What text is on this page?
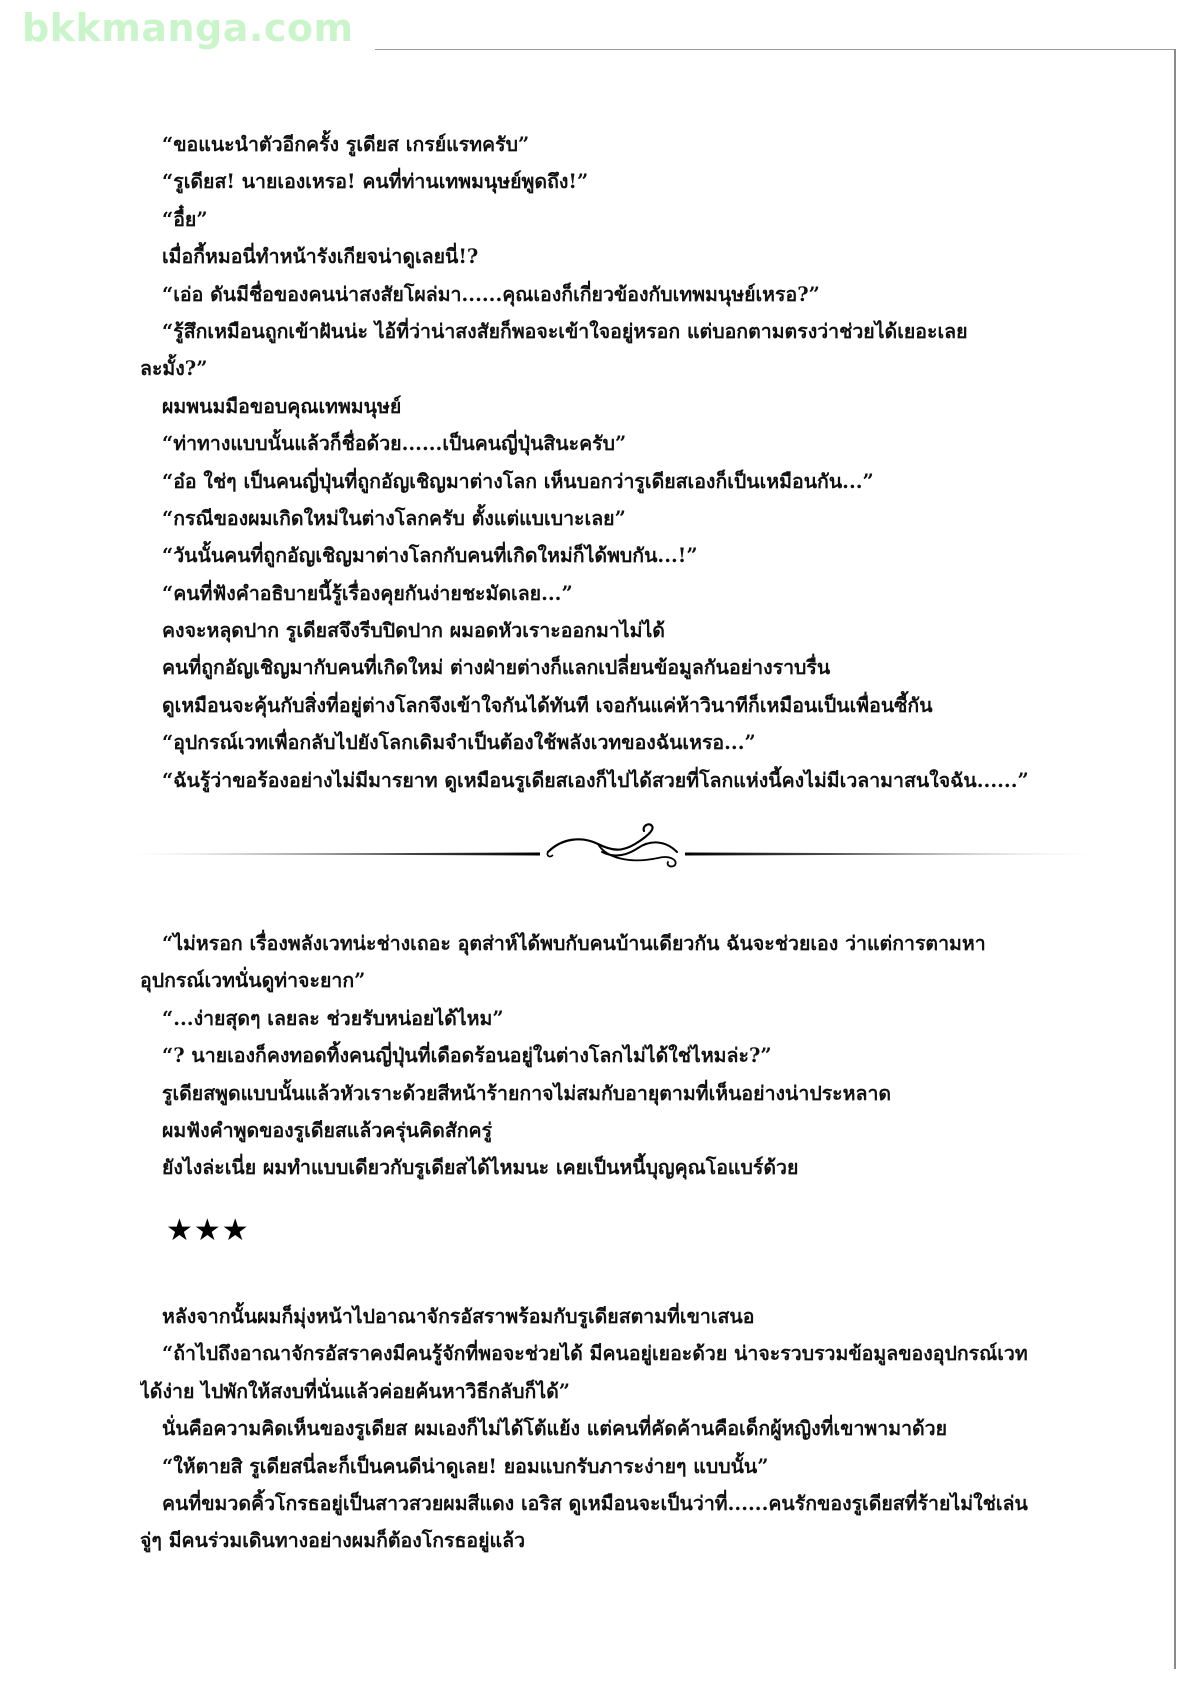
bkkmanga.com
“ขอแนะนำตัวอีกครั้ง รูเดียส เกรย์แรทครับ”
“รูเดียส! นายเองเหรอ! คนที่ท่านเทพมนุษย์พูดถึง!”
“อื๋ย”
เมื่อกี้หมอนี่ทำหน้ารังเกียจน่าดูเลยนี่!?
“เอ่อ ดันมีชื่อของคนน่าสงสัยโผล่มา......คุณเองก็เกี่ยวข้องกับเทพมนุษย์เหรอ?”
“รู้สึกเหมือนถูกเข้าฝันน่ะ ไอ้ที่ว่าน่าสงสัยก็พอจะเข้าใจอยู่หรอก แต่บอกตามตรงว่าช่วยได้เยอะเลย
ละมั้ง?”
ผมพนมมือขอบคุณเทพมนุษย์
“ท่าทางแบบนั้นแล้วก็ชื่อด้วย......เป็นคนญี่ปุ่นสินะครับ”
“อ๋อ ใช่ๆ เป็นคนญี่ปุ่นที่ถูกอัญเชิญมาต่างโลก เห็นบอกว่ารูเดียสเองก็เป็นเหมือนกัน...”
“กรณีของผมเกิดใหม่ในต่างโลกครับ ตั้งแต่แบเบาะเลย”
“วันนั้นคนที่ถูกอัญเชิญมาต่างโลกกับคนที่เกิดใหม่ก็ได้พบกัน...!”
“คนที่ฟังคำอธิบายนี้รู้เรื่องคุยกันง่ายชะมัดเลย...”
คงจะหลุดปาก รูเดียสจึงรีบปิดปาก ผมอดหัวเราะออกมาไม่ได้
คนที่ถูกอัญเชิญมากับคนที่เกิดใหม่ ต่างฝ่ายต่างก็แลกเปลี่ยนข้อมูลกันอย่างราบรื่น
ดูเหมือนจะคุ้นกับสิ่งที่อยู่ต่างโลกจึงเข้าใจกันได้ทันที เจอกันแค่ห้าวินาทีก็เหมือนเป็นเพื่อนซี้กัน
“อุปกรณ์เวทเพื่อกลับไปยังโลกเดิมจำเป็นต้องใช้พลังเวทของฉันเหรอ...”
“ฉันรู้ว่าขอร้องอย่างไม่มีมารยาท ดูเหมือนรูเดียสเองก็ไปได้สวยที่โลกแห่งนี้คงไม่มีเวลามาสนใจฉัน......”
“ไม่หรอก เรื่องพลังเวทน่ะช่างเถอะ อุตส่าห์ได้พบกับคนบ้านเดียวกัน ฉันจะช่วยเอง ว่าแต่การตามหา
อุปกรณ์เวทนั่นดูท่าจะยาก”
“...ง่ายสุดๆ เลยละ ช่วยรับหน่อยได้ไหม”
“? นายเองก็คงทอดทิ้งคนญี่ปุ่นที่เดือดร้อนอยู่ในต่างโลกไม่ได้ใช่ไหมล่ะ?”
รูเดียสพูดแบบนั้นแล้วหัวเราะด้วยสีหน้าร้ายกาจไม่สมกับอายุตามที่เห็นอย่างน่าประหลาด
ผมฟังคำพูดของรูเดียสแล้วครุ่นคิดสักครู่
ยังไงล่ะเนี่ย ผมทำแบบเดียวกับรูเดียสได้ไหมนะ เคยเป็นหนี้บุญคุณโอแบร์ด้วย
★★★
หลังจากนั้นผมก็มุ่งหน้าไปอาณาจักรอัสราพร้อมกับรูเดียสตามที่เขาเสนอ
“ถ้าไปถึงอาณาจักรอัสราคงมีคนรู้จักที่พอจะช่วยได้ มีคนอยู่เยอะด้วย น่าจะรวบรวมข้อมูลของอุปกรณ์เวท
ได้ง่าย ไปพักให้สงบที่นั่นแล้วค่อยค้นหาวิธีกลับก็ได้”
นั่นคือความคิดเห็นของรูเดียส ผมเองก็ไม่ได้โต้แย้ง แต่คนที่คัดค้านคือเด็กผู้หญิงที่เขาพามาด้วย
“ให้ตายสิ รูเดียสนี่ละก็เป็นคนดีน่าดูเลย! ยอมแบกรับภาระง่ายๆ แบบนั้น”
คนที่ขมวดคิ้วโกรธอยู่เป็นสาวสวยผมสีแดง เอริส ดูเหมือนจะเป็นว่าที่......คนรักของรูเดียสที่ร้ายไม่ใช่เล่น
จู่ๆ มีคนร่วมเดินทางอย่างผมก็ต้องโกรธอยู่แล้ว
